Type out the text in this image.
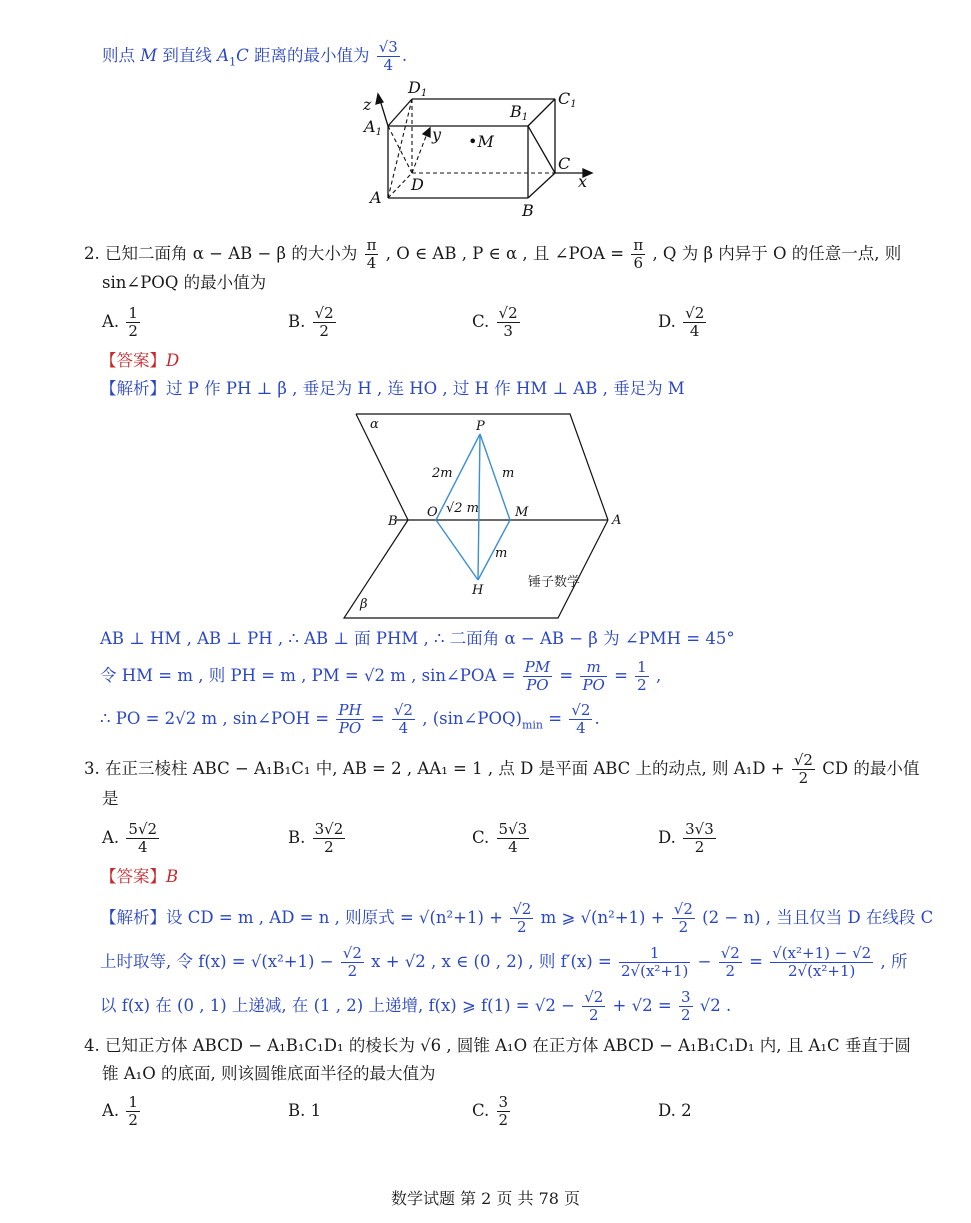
则点 M 到直线 $A_1C$ 距离的最小值为 $\frac{√3}{4}$ .
D1
B1
C1
z
A1	y •M
C
x
A
D
B
2. 已知二面角 α − AB − β 的大小为 $\frac{\pi}{4}$ , O ∈ AB , P ∈ α , 且 ∠POA = $\frac{\pi}{6}$ , Q 为 β 内异于 O 的任意一点, 则
sin∠POQ 的最小值为
A. $\frac{1}{2}$	B. $\frac{√2}{2}$	C. $\frac{√2}{3}$	D. $\frac{√2}{4}$
【答案】D
【解析】过 P 作 PH ⊥ β , 垂足为 H , 连 HO , 过 H 作 HM ⊥ AB , 垂足为 M
α	P
2m	m
B
O √2 m	M
A
m
H
β
锤子数学
AB ⊥ HM , AB ⊥ PH , ∴ AB ⊥ 面 PHM , ∴ 二面角 α − AB − β 为 ∠PMH = 45°
令 HM = m , 则 PH = m , PM = √2 m , sin∠POA = $\frac{PM}{PO} = \frac{m}{PO} = \frac{1}{2}$ ,
∴ PO = 2√2 m , sin∠POH = $\frac{PH}{PO} = \frac{√2}{4}$ , $(\sin\angle POQ)_{min} = \frac{√2}{4}$ .
3. 在正三棱柱 ABC − A₁B₁C₁ 中, AB = 2 , AA₁ = 1 , 点 D 是平面 ABC 上的动点, 则 $A_1D + \frac{√2}{2}$ CD 的最小值
是
A. $\frac{5√2}{4}$	B. $\frac{3√2}{2}$	C. $\frac{5√3}{4}$	D. $\frac{3√3}{2}$
【答案】B
【解析】设 CD = m , AD = n , 则原式 = $√(n^2+1) + \frac{√2}{2}$ m ⩾ $√(n^2+1) + \frac{√2}{2} (2 - n)$ , 当且仅当 D 在线段 C
上时取等, 令 $f(x) = √(x^2+1) - \frac{√2}{2}$ x + √2 , x ∈ (0 , 2) , 则 $f'(x) = \frac{1}{\text{2√(x²+1)}} - \frac{√2}{2} = \frac{\text{√(x²+1) − √2}}{\text{2√(x²+1)}}$ , 所
以 f(x) 在 (0 , 1) 上递减, 在 (1 , 2) 上递增, f(x) ⩾ $f(1) = √2 - \frac{√2}{2} + √2 = \frac{3}{2} √2$ .
4. 已知正方体 ABCD − A₁B₁C₁D₁ 的棱长为 √6 , 圆锥 A₁O 在正方体 ABCD − A₁B₁C₁D₁ 内, 且 A₁C 垂直于圆
锥 A₁O 的底面, 则该圆锥底面半径的最大值为
A. $\frac{1}{2}$	B. 1	C. $\frac{3}{2}$	D. 2
数学试题 第 2 页 共 78 页
